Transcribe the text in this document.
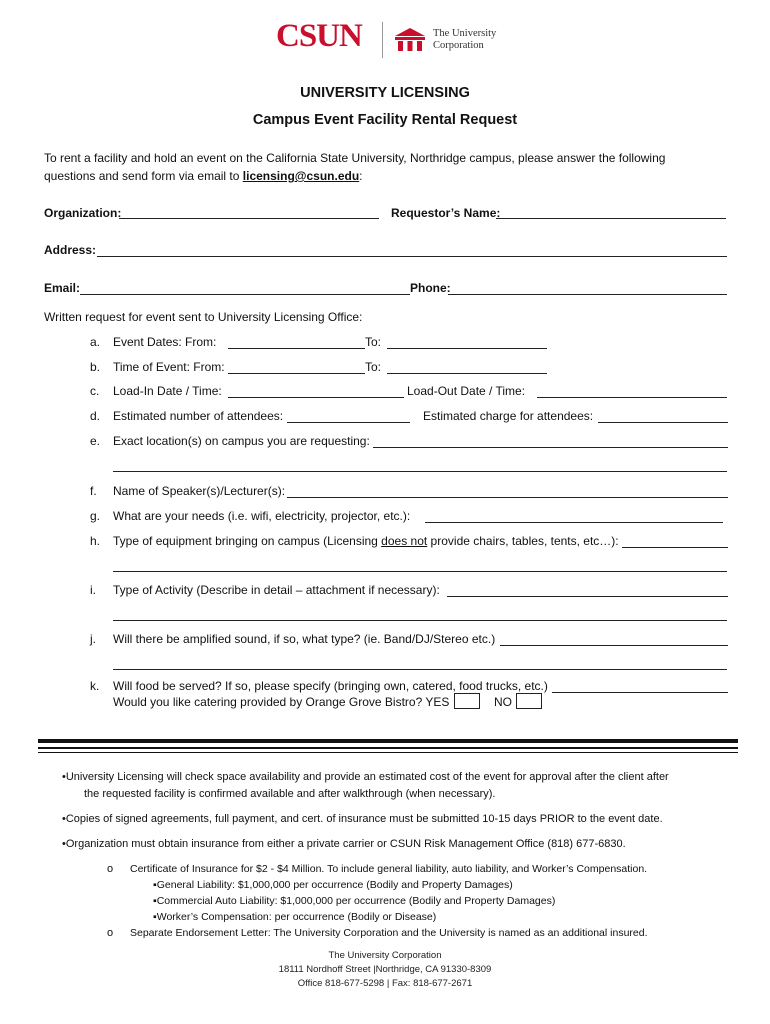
CSUN	The University
Corporation
UNIVERSITY LICENSING
Campus Event Facility Rental Request
To rent a facility and hold an event on the California State University, Northridge campus, please answer the following
questions and send form via email to licensing@csun.edu:
Organization:	Requestor’s Name:
Address:
Email:	Phone:
Written request for event sent to University Licensing Office:
a. Event Dates: From:	To:
b. Time of Event: From:	To:
c. Load-In Date / Time:	Load-Out Date / Time:
d. Estimated number of attendees:	Estimated charge for attendees:
e. Exact location(s) on campus you are requesting:
f. Name of Speaker(s)/Lecturer(s):
g. What are your needs (i.e. wifi, electricity, projector, etc.):
h. Type of equipment bringing on campus (Licensing does not provide chairs, tables, tents, etc…):
i. Type of Activity (Describe in detail – attachment if necessary):
j. Will there be amplified sound, if so, what type? (ie. Band/DJ/Stereo etc.)
k. Will food be served? If so, please specify (bringing own, catered, food trucks, etc.)
Would you like catering provided by Orange Grove Bistro? YES	NO
•University Licensing will check space availability and provide an estimated cost of the event for approval after the client after
the requested facility is confirmed available and after walkthrough (when necessary).
•Copies of signed agreements, full payment, and cert. of insurance must be submitted 10-15 days PRIOR to the event date.
•Organization must obtain insurance from either a private carrier or CSUN Risk Management Office (818) 677-6830.
o Certificate of Insurance for $2 - $4 Million. To include general liability, auto liability, and Worker’s Compensation.
▪General Liability: $1,000,000 per occurrence (Bodily and Property Damages)
▪Commercial Auto Liability: $1,000,000 per occurrence (Bodily and Property Damages)
▪Worker’s Compensation: per occurrence (Bodily or Disease)
o Separate Endorsement Letter: The University Corporation and the University is named as an additional insured.
The University Corporation
18111 Nordhoff Street |Northridge, CA 91330-8309
Office 818-677-5298 | Fax: 818-677-2671
